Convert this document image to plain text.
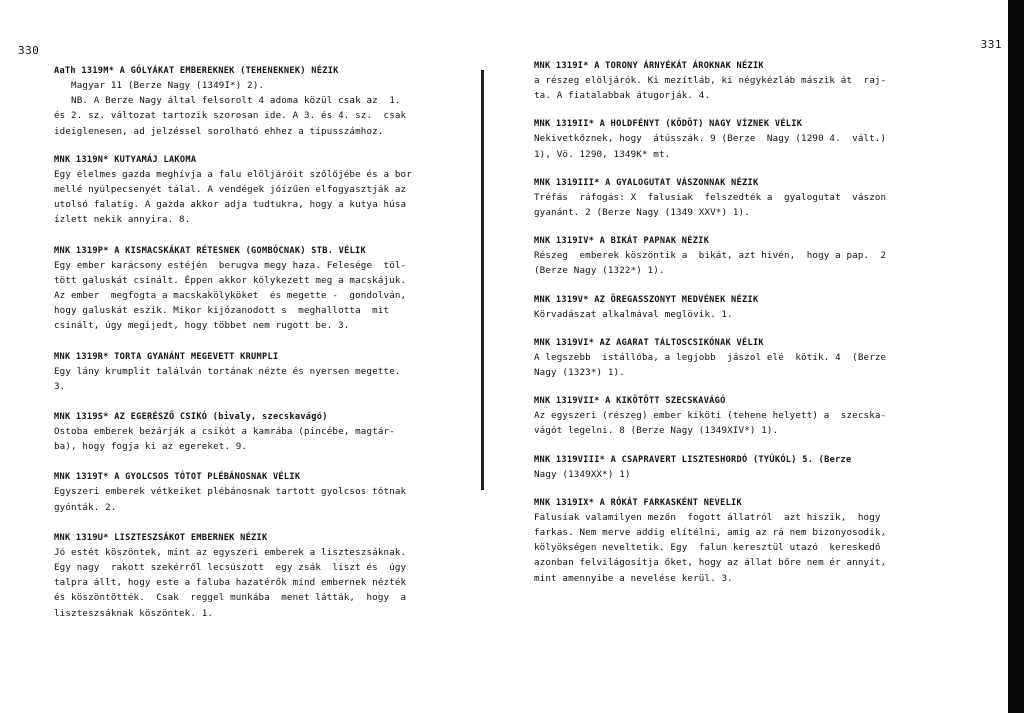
330

AaTh 1319M* A GÓLYÁKAT EMBEREKNEK (TEHENEKNEK) NÉZIK

Magyar 11 (Berze Nagy (1349I*) 2).
NB. A Berze Nagy által felsorolt 4 adoma közül csak az  1.
és 2. sz. változat tartozik szorosan ide. A 3. és 4. sz.  csak
ideiglenesen, ad jelzéssel sorolható ehhez a típusszámhoz.

MNK 1319N* KUTYAMÁJ LAKOMA

Egy élelmes gazda meghívja a falu elöljáróit szőlőjébe és a bor
mellé nyúlpecsenyét tálal. A vendégek jóízűen elfogyasztják az
utolsó falatig. A gazda akkor adja tudtukra, hogy a kutya húsa
ízlett nekik annyira. 8.

MNK 1319P* A KISMACSKÁKAT RÉTESNEK (GOMBÓCNAK) STB. VÉLIK

Egy ember karácsony estéjén  berugva megy haza. Felesége  töl-
tött galuskát csinált. Éppen akkor kölykezett meg a macskájuk.
Az ember  megfogta a macskakölyköket  és megette -  gondolván,
hogy galuskát eszik. Mikor kijózanodott s  meghallotta  mit
csinált, úgy megijedt, hogy többet nem rugott be. 3.

MNK 1319R* TORTA GYANÁNT MEGEVETT KRUMPLI

Egy lány krumplit találván tortának nézte és nyersen megette.
3.

MNK 1319S* AZ EGERÉSZŐ CSIKÓ (bivaly, szecskavágó)

Ostoba emberek bezárják a csikót a kamrába (pincébe, magtár-
ba), hogy fogja ki az egereket. 9.

MNK 1319T* A GYOLCSOS TÓTOT PLÉBÁNOSNAK VÉLIK

Egyszeri emberek vétkeiket plébánosnak tartott gyolcsos tótnak
gyónták. 2.

MNK 1319U* LISZTESZSÁKOT EMBERNEK NÉZIK

Jó estét köszöntek, mint az egyszeri emberek a liszteszsáknak.
Egy nagy  rakott szekérről lecsúszott  egy zsák  liszt és  úgy
talpra állt, hogy este a faluba hazatérők mind embernek nézték
és köszöntötték.  Csak  reggel munkába  menet látták,  hogy  a
liszteszsáknak köszöntek. 1.

331

MNK 1319I* A TORONY ÁRNYÉKÁT ÁROKNAK NÉZIK

a részeg elöljárók. Ki mezítláb, ki négykézláb mászik át  raj-
ta. A fiatalabbak átugorják. 4.

MNK 1319II* A HOLDFÉNYT (KÖDÖT) NAGY VÍZNEK VÉLIK

Nekivetkőznek, hogy  átússzák. 9 (Berze  Nagy (1290 4.  vált.)
1), Vö. 1290, 1349K* mt.

MNK 1319III* A GYALOGUTAT VÁSZONNAK NÉZIK

Tréfás  ráfogás: X  falusiak  felszedték a  gyalogutat  vászon
gyanánt. 2 (Berze Nagy (1349 XXV*) 1).

MNK 1319IV* A BIKÁT PAPNAK NÉZIK

Részeg  emberek köszöntik a  bikát, azt hivén,  hogy a pap.  2
(Berze Nagy (1322*) 1).

MNK 1319V* AZ ÖREGASSZONYT MEDVÉNEK NÉZIK

Körvadászat alkalmával meglövik. 1.

MNK 1319VI* AZ AGARAT TÁLTOSCSIKÓNAK VÉLIK

A legszebb  istállóba, a legjobb  jászol elé  kötik. 4  (Berze
Nagy (1323*) 1).

MNK 1319VII* A KIKÖTÖTT SZECSKAVÁGÓ

Az egyszeri (részeg) ember kiköti (tehene helyett) a  szecska-
vágót legelni. 8 (Berze Nagy (1349XIV*) 1).

MNK 1319VIII* A CSAPRAVERT LISZTESHORDÓ (TYÚKÓL) 5. (Berze

Nagy (1349XX*) 1)

MNK 1319IX* A RÓKÁT FARKASKÉNT NEVELIK

Falusiak valamilyen mezőn  fogott állatról  azt hiszik,  hogy
farkas. Nem merve addig elítélni, amig az rá nem bizonyosodik,
kölyökségen neveltetik. Egy  falun keresztül utazó  kereskedő
azonban felvilágosítja őket, hogy az állat bőre nem ér annyit,
mint amennyibe a nevelése kerül. 3.
